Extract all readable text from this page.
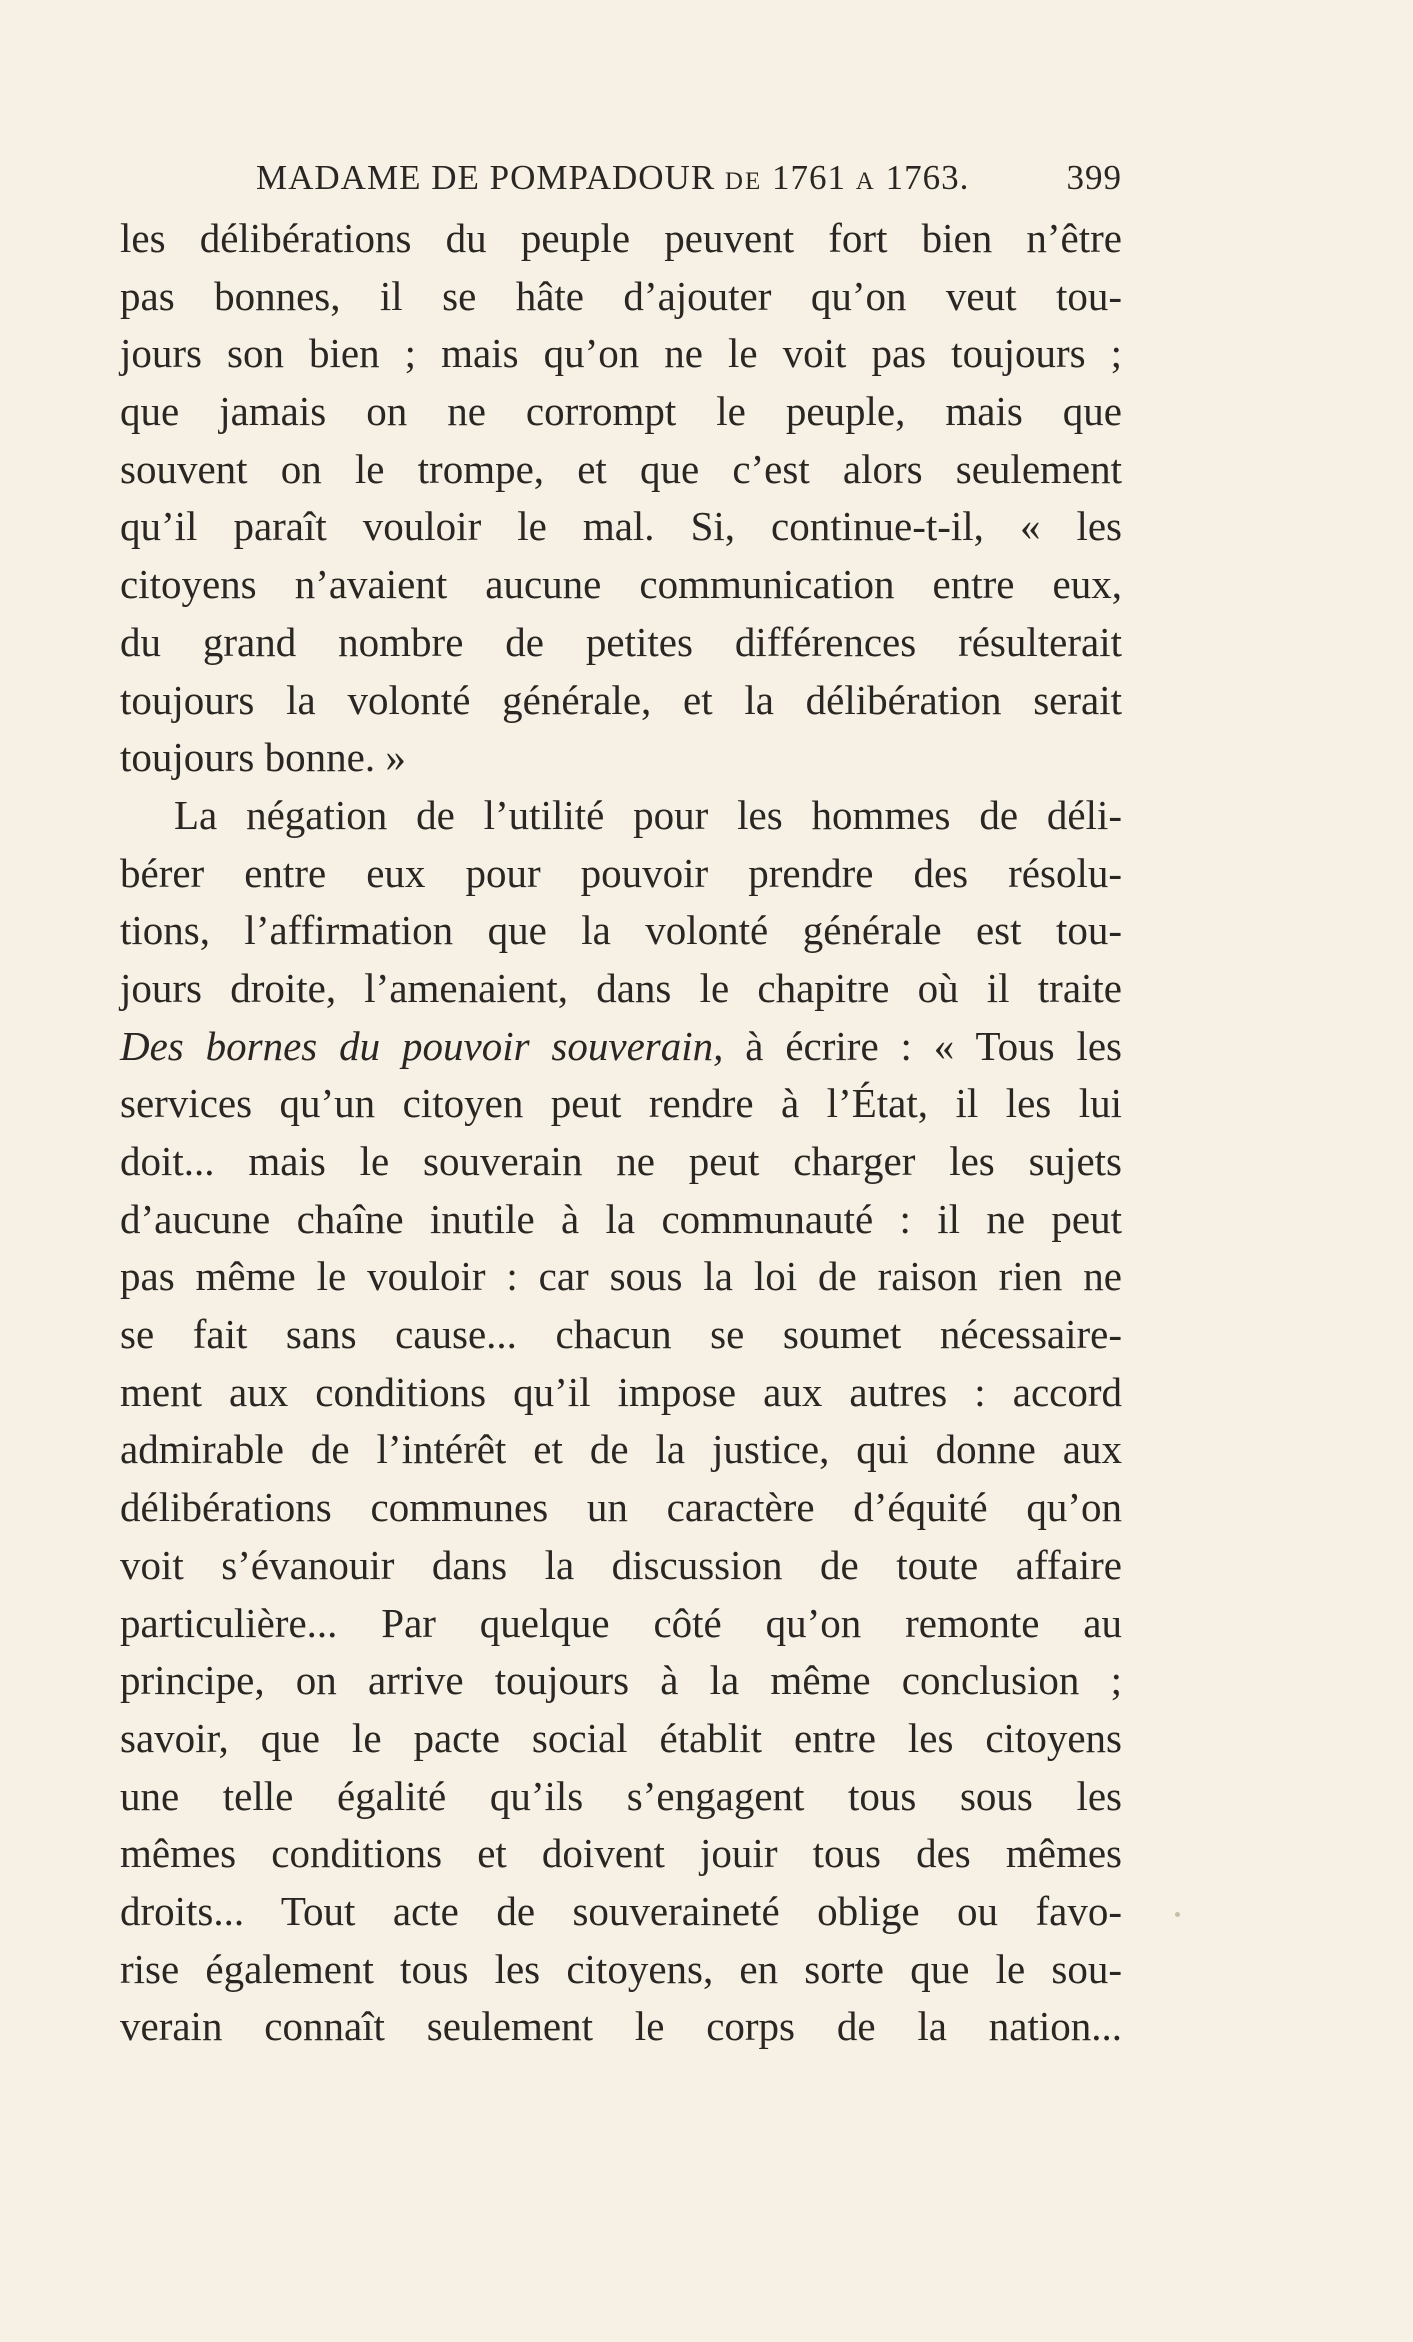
MADAME DE POMPADOUR DE 1761 A 1763.	399
les délibérations du peuple peuvent fort bien n’être
pas bonnes, il se hâte d’ajouter qu’on veut tou-
jours son bien ; mais qu’on ne le voit pas toujours ;
que jamais on ne corrompt le peuple, mais que
souvent on le trompe, et que c’est alors seulement
qu’il paraît vouloir le mal. Si, continue-t-il, « les
citoyens n’avaient aucune communication entre eux,
du grand nombre de petites différences résulterait
toujours la volonté générale, et la délibération serait
toujours bonne. »
La négation de l’utilité pour les hommes de déli-
bérer entre eux pour pouvoir prendre des résolu-
tions, l’affirmation que la volonté générale est tou-
jours droite, l’amenaient, dans le chapitre où il traite
Des bornes du pouvoir souverain, à écrire : « Tous les
services qu’un citoyen peut rendre à l’État, il les lui
doit... mais le souverain ne peut charger les sujets
d’aucune chaîne inutile à la communauté : il ne peut
pas même le vouloir : car sous la loi de raison rien ne
se fait sans cause... chacun se soumet nécessaire-
ment aux conditions qu’il impose aux autres : accord
admirable de l’intérêt et de la justice, qui donne aux
délibérations communes un caractère d’équité qu’on
voit s’évanouir dans la discussion de toute affaire
particulière... Par quelque côté qu’on remonte au
principe, on arrive toujours à la même conclusion ;
savoir, que le pacte social établit entre les citoyens
une telle égalité qu’ils s’engagent tous sous les
mêmes conditions et doivent jouir tous des mêmes
droits... Tout acte de souveraineté oblige ou favo-
rise également tous les citoyens, en sorte que le sou-
verain connaît seulement le corps de la nation...
